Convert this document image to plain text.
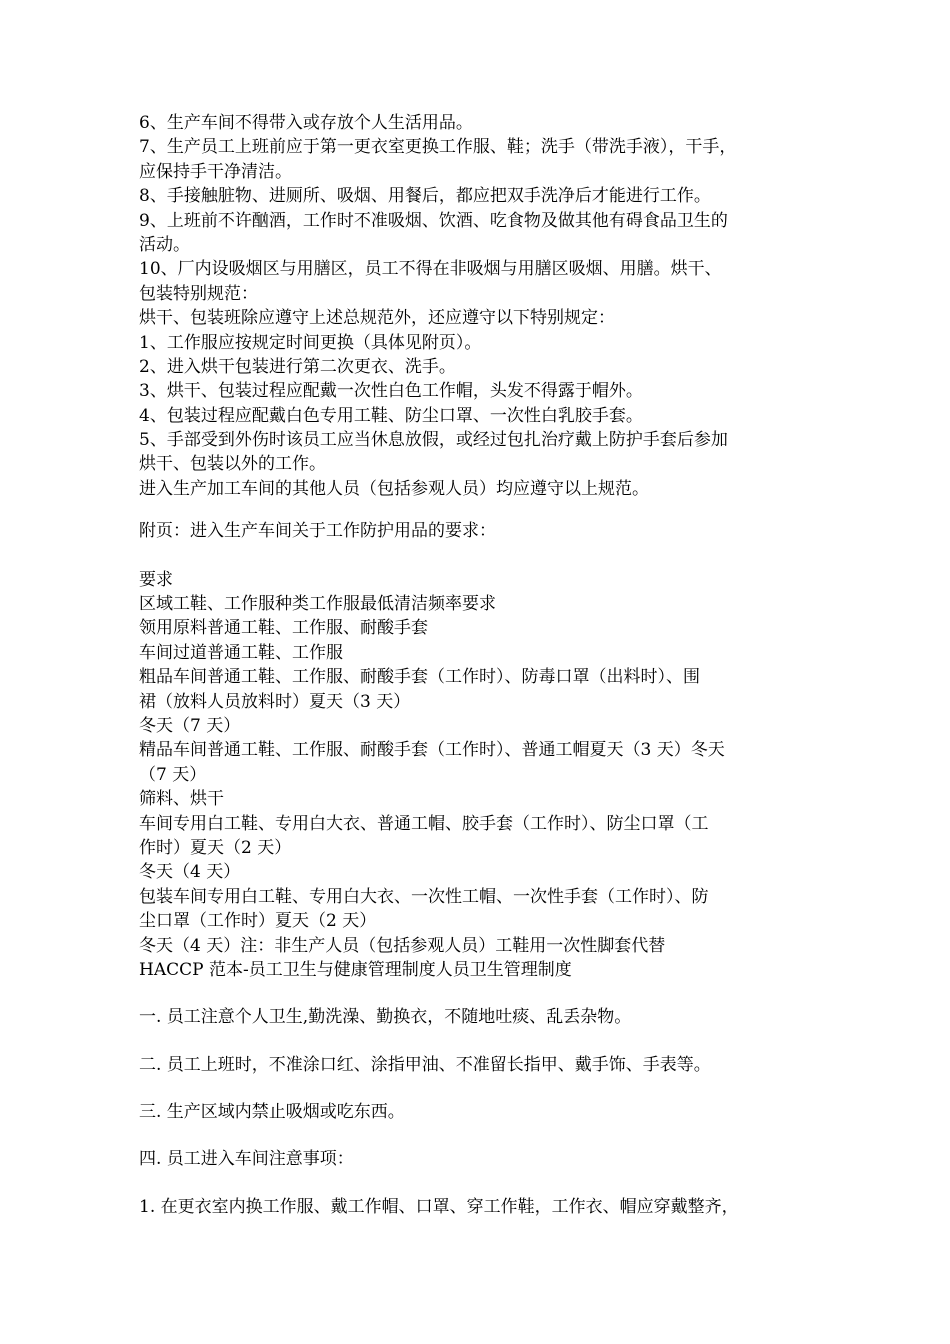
6、生产车间不得带入或存放个人生活用品。
7、生产员工上班前应于第一更衣室更换工作服、鞋；洗手（带洗手液），干手，
应保持手干净清洁。
8、手接触脏物、进厕所、吸烟、用餐后，都应把双手洗净后才能进行工作。
9、上班前不许酗酒，工作时不准吸烟、饮酒、吃食物及做其他有碍食品卫生的
活动。
10、厂内设吸烟区与用膳区，员工不得在非吸烟与用膳区吸烟、用膳。烘干、
包装特别规范：
烘干、包装班除应遵守上述总规范外，还应遵守以下特别规定：
1、工作服应按规定时间更换（具体见附页）。
2、进入烘干包装进行第二次更衣、洗手。
3、烘干、包装过程应配戴一次性白色工作帽，头发不得露于帽外。
4、包装过程应配戴白色专用工鞋、防尘口罩、一次性白乳胶手套。
5、手部受到外伤时该员工应当休息放假，或经过包扎治疗戴上防护手套后参加
烘干、包装以外的工作。
进入生产加工车间的其他人员（包括参观人员）均应遵守以上规范。
附页：进入生产车间关于工作防护用品的要求：
要求
区域工鞋、工作服种类工作服最低清洁频率要求
领用原料普通工鞋、工作服、耐酸手套
车间过道普通工鞋、工作服
粗品车间普通工鞋、工作服、耐酸手套（工作时）、防毒口罩（出料时）、围
裙（放料人员放料时）夏天（3 天）
冬天（7 天）
精品车间普通工鞋、工作服、耐酸手套（工作时）、普通工帽夏天（3 天）冬天
（7 天）
筛料、烘干
车间专用白工鞋、专用白大衣、普通工帽、胶手套（工作时）、防尘口罩（工
作时）夏天（2 天）
冬天（4 天）
包装车间专用白工鞋、专用白大衣、一次性工帽、一次性手套（工作时）、防
尘口罩（工作时）夏天（2 天）
冬天（4 天）注：非生产人员（包括参观人员）工鞋用一次性脚套代替
HACCP 范本-员工卫生与健康管理制度人员卫生管理制度
一. 员工注意个人卫生,勤洗澡、勤换衣，不随地吐痰、乱丢杂物。
二. 员工上班时，不准涂口红、涂指甲油、不准留长指甲、戴手饰、手表等。
三. 生产区域内禁止吸烟或吃东西。
四. 员工进入车间注意事项：
1. 在更衣室内换工作服、戴工作帽、口罩、穿工作鞋，工作衣、帽应穿戴整齐，
